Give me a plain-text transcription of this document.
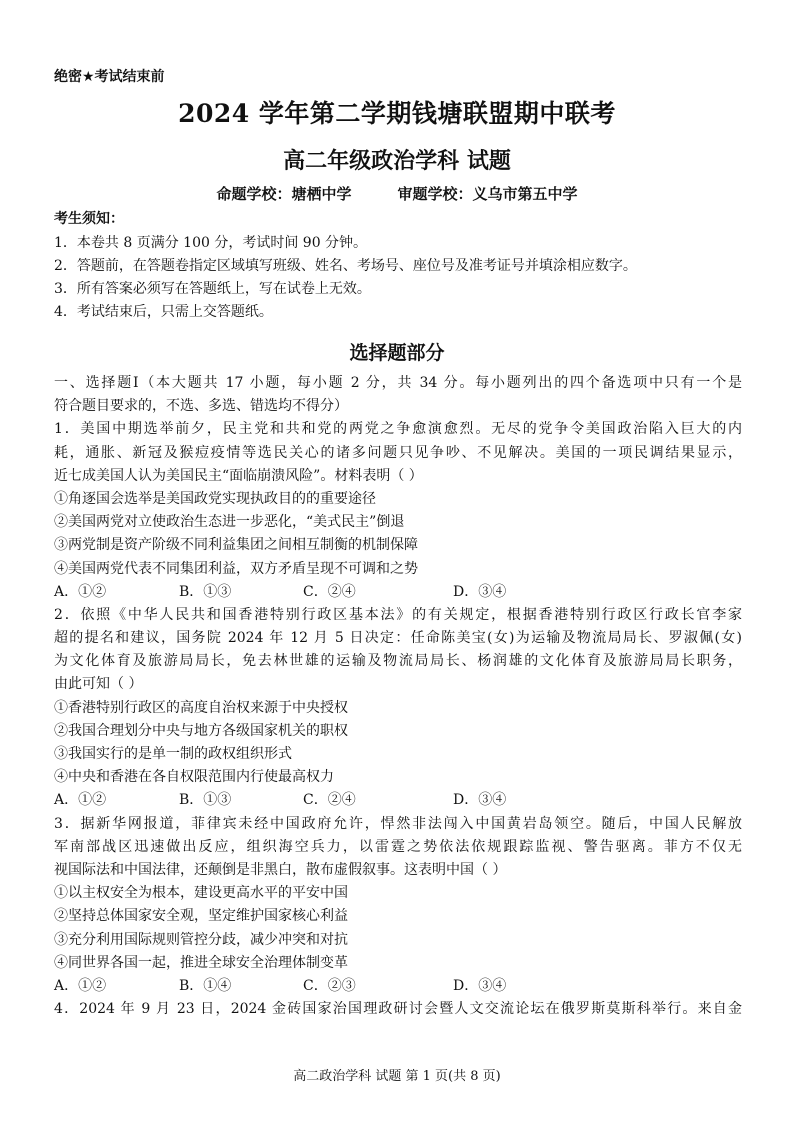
绝密★考试结束前
2024 学年第二学期钱塘联盟期中联考
高二年级政治学科 试题
命题学校：塘栖中学	审题学校：义乌市第五中学
考生须知：
1．本卷共 8 页满分 100 分，考试时间 90 分钟。
2．答题前，在答题卷指定区域填写班级、姓名、考场号、座位号及准考证号并填涂相应数字。
3．所有答案必须写在答题纸上，写在试卷上无效。
4．考试结束后，只需上交答题纸。
选择题部分
一、选择题Ⅰ（本大题共 17 小题，每小题 2 分，共 34 分。每小题列出的四个备选项中只有一个是
符合题目要求的，不选、多选、错选均不得分）
1．美国中期选举前夕，民主党和共和党的两党之争愈演愈烈。无尽的党争令美国政治陷入巨大的内
耗，通胀、新冠及猴痘疫情等选民关心的诸多问题只见争吵、不见解决。美国的一项民调结果显示，
近七成美国人认为美国民主“面临崩溃风险”。材料表明（ ）
①角逐国会选举是美国政党实现执政目的的重要途径
②美国两党对立使政治生态进一步恶化，“美式民主”倒退
③两党制是资产阶级不同利益集团之间相互制衡的机制保障
④美国两党代表不同集团利益，双方矛盾呈现不可调和之势
A．①②	B．①③	C．②④	D．③④
2．依照《中华人民共和国香港特别行政区基本法》的有关规定，根据香港特别行政区行政长官李家
超的提名和建议，国务院 2024 年 12 月 5 日决定：任命陈美宝(女)为运输及物流局局长、罗淑佩(女)
为文化体育及旅游局局长，免去林世雄的运输及物流局局长、杨润雄的文化体育及旅游局局长职务，
由此可知（ ）
①香港特别行政区的高度自治权来源于中央授权
②我国合理划分中央与地方各级国家机关的职权
③我国实行的是单一制的政权组织形式
④中央和香港在各自权限范围内行使最高权力
A．①②	B．①③	C．②④	D．③④
3．据新华网报道，菲律宾未经中国政府允许，悍然非法闯入中国黄岩岛领空。随后，中国人民解放
军南部战区迅速做出反应，组织海空兵力，以雷霆之势依法依规跟踪监视、警告驱离。菲方不仅无
视国际法和中国法律，还颠倒是非黑白，散布虚假叙事。这表明中国（ ）
①以主权安全为根本，建设更高水平的平安中国
②坚持总体国家安全观，坚定维护国家核心利益
③充分利用国际规则管控分歧，减少冲突和对抗
④同世界各国一起，推进全球安全治理体制变革
A．①②	B．①④	C．②③	D．③④
4．2024 年 9 月 23 日，2024 金砖国家治国理政研讨会暨人文交流论坛在俄罗斯莫斯科举行。来自金
高二政治学科 试题 第 1 页(共 8 页)
